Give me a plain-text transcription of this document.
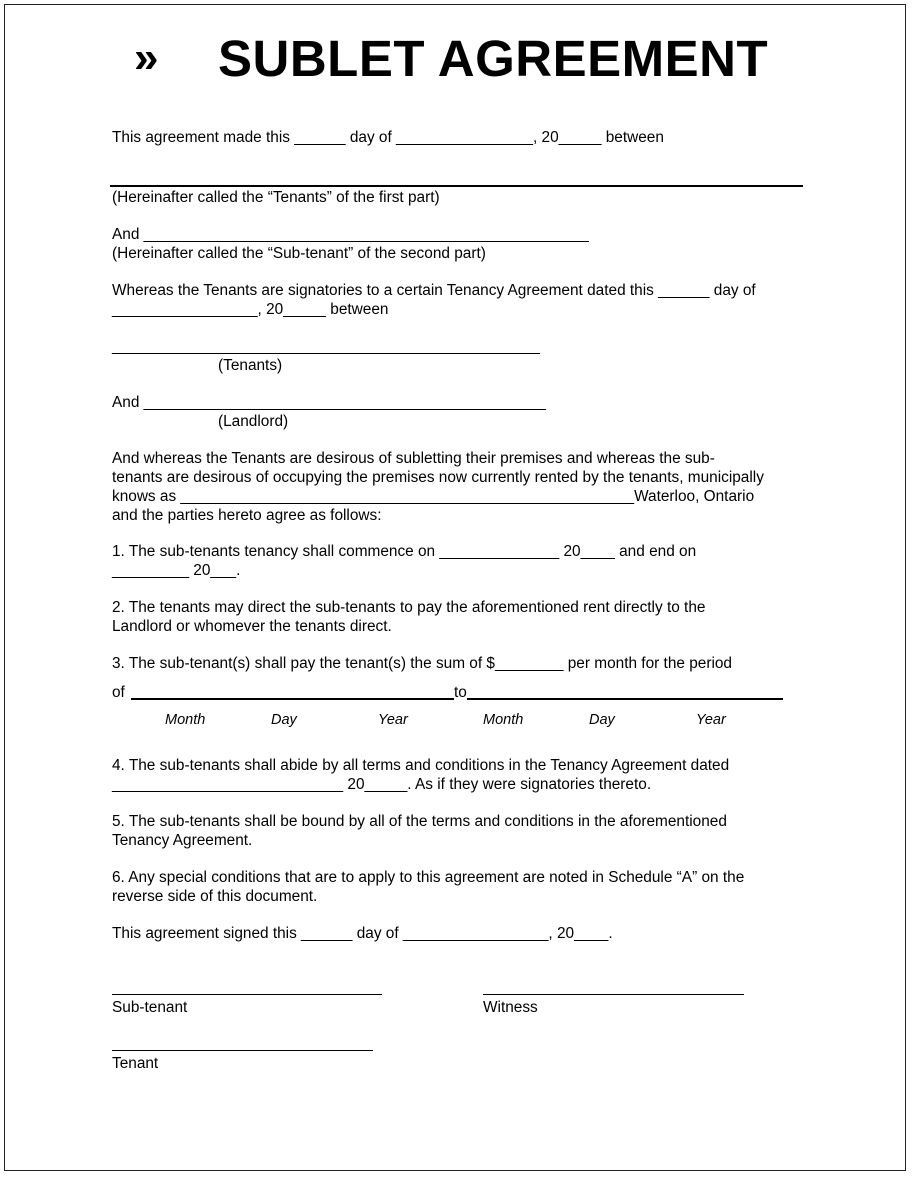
» SUBLET AGREEMENT
This agreement made this ______ day of ________________, 20_____ between
(Hereinafter called the “Tenants” of the first part)
And ____________________________________________________
(Hereinafter called the “Sub-tenant” of the second part)
Whereas the Tenants are signatories to a certain Tenancy Agreement dated this ______ day of
_________________, 20_____ between
__________________________________________________
(Tenants)
And _______________________________________________
(Landlord)
And whereas the Tenants are desirous of subletting their premises and whereas the sub-
tenants are desirous of occupying the premises now currently rented by the tenants, municipally
knows as _____________________________________________________Waterloo, Ontario
and the parties hereto agree as follows:
1. The sub-tenants tenancy shall commence on ______________ 20____ and end on
_________ 20___.
2. The tenants may direct the sub-tenants to pay the aforementioned rent directly to the
Landlord or whomever the tenants direct.
3. The sub-tenant(s) shall pay the tenant(s) the sum of $________ per month for the period
of	to
Month	Day	Year	Month	Day	Year
4. The sub-tenants shall abide by all terms and conditions in the Tenancy Agreement dated
___________________________ 20_____. As if they were signatories thereto.
5. The sub-tenants shall be bound by all of the terms and conditions in the aforementioned
Tenancy Agreement.
6. Any special conditions that are to apply to this agreement are noted in Schedule “A” on the
reverse side of this document.
This agreement signed this ______ day of _________________, 20____.
Sub-tenant	Witness
Tenant
